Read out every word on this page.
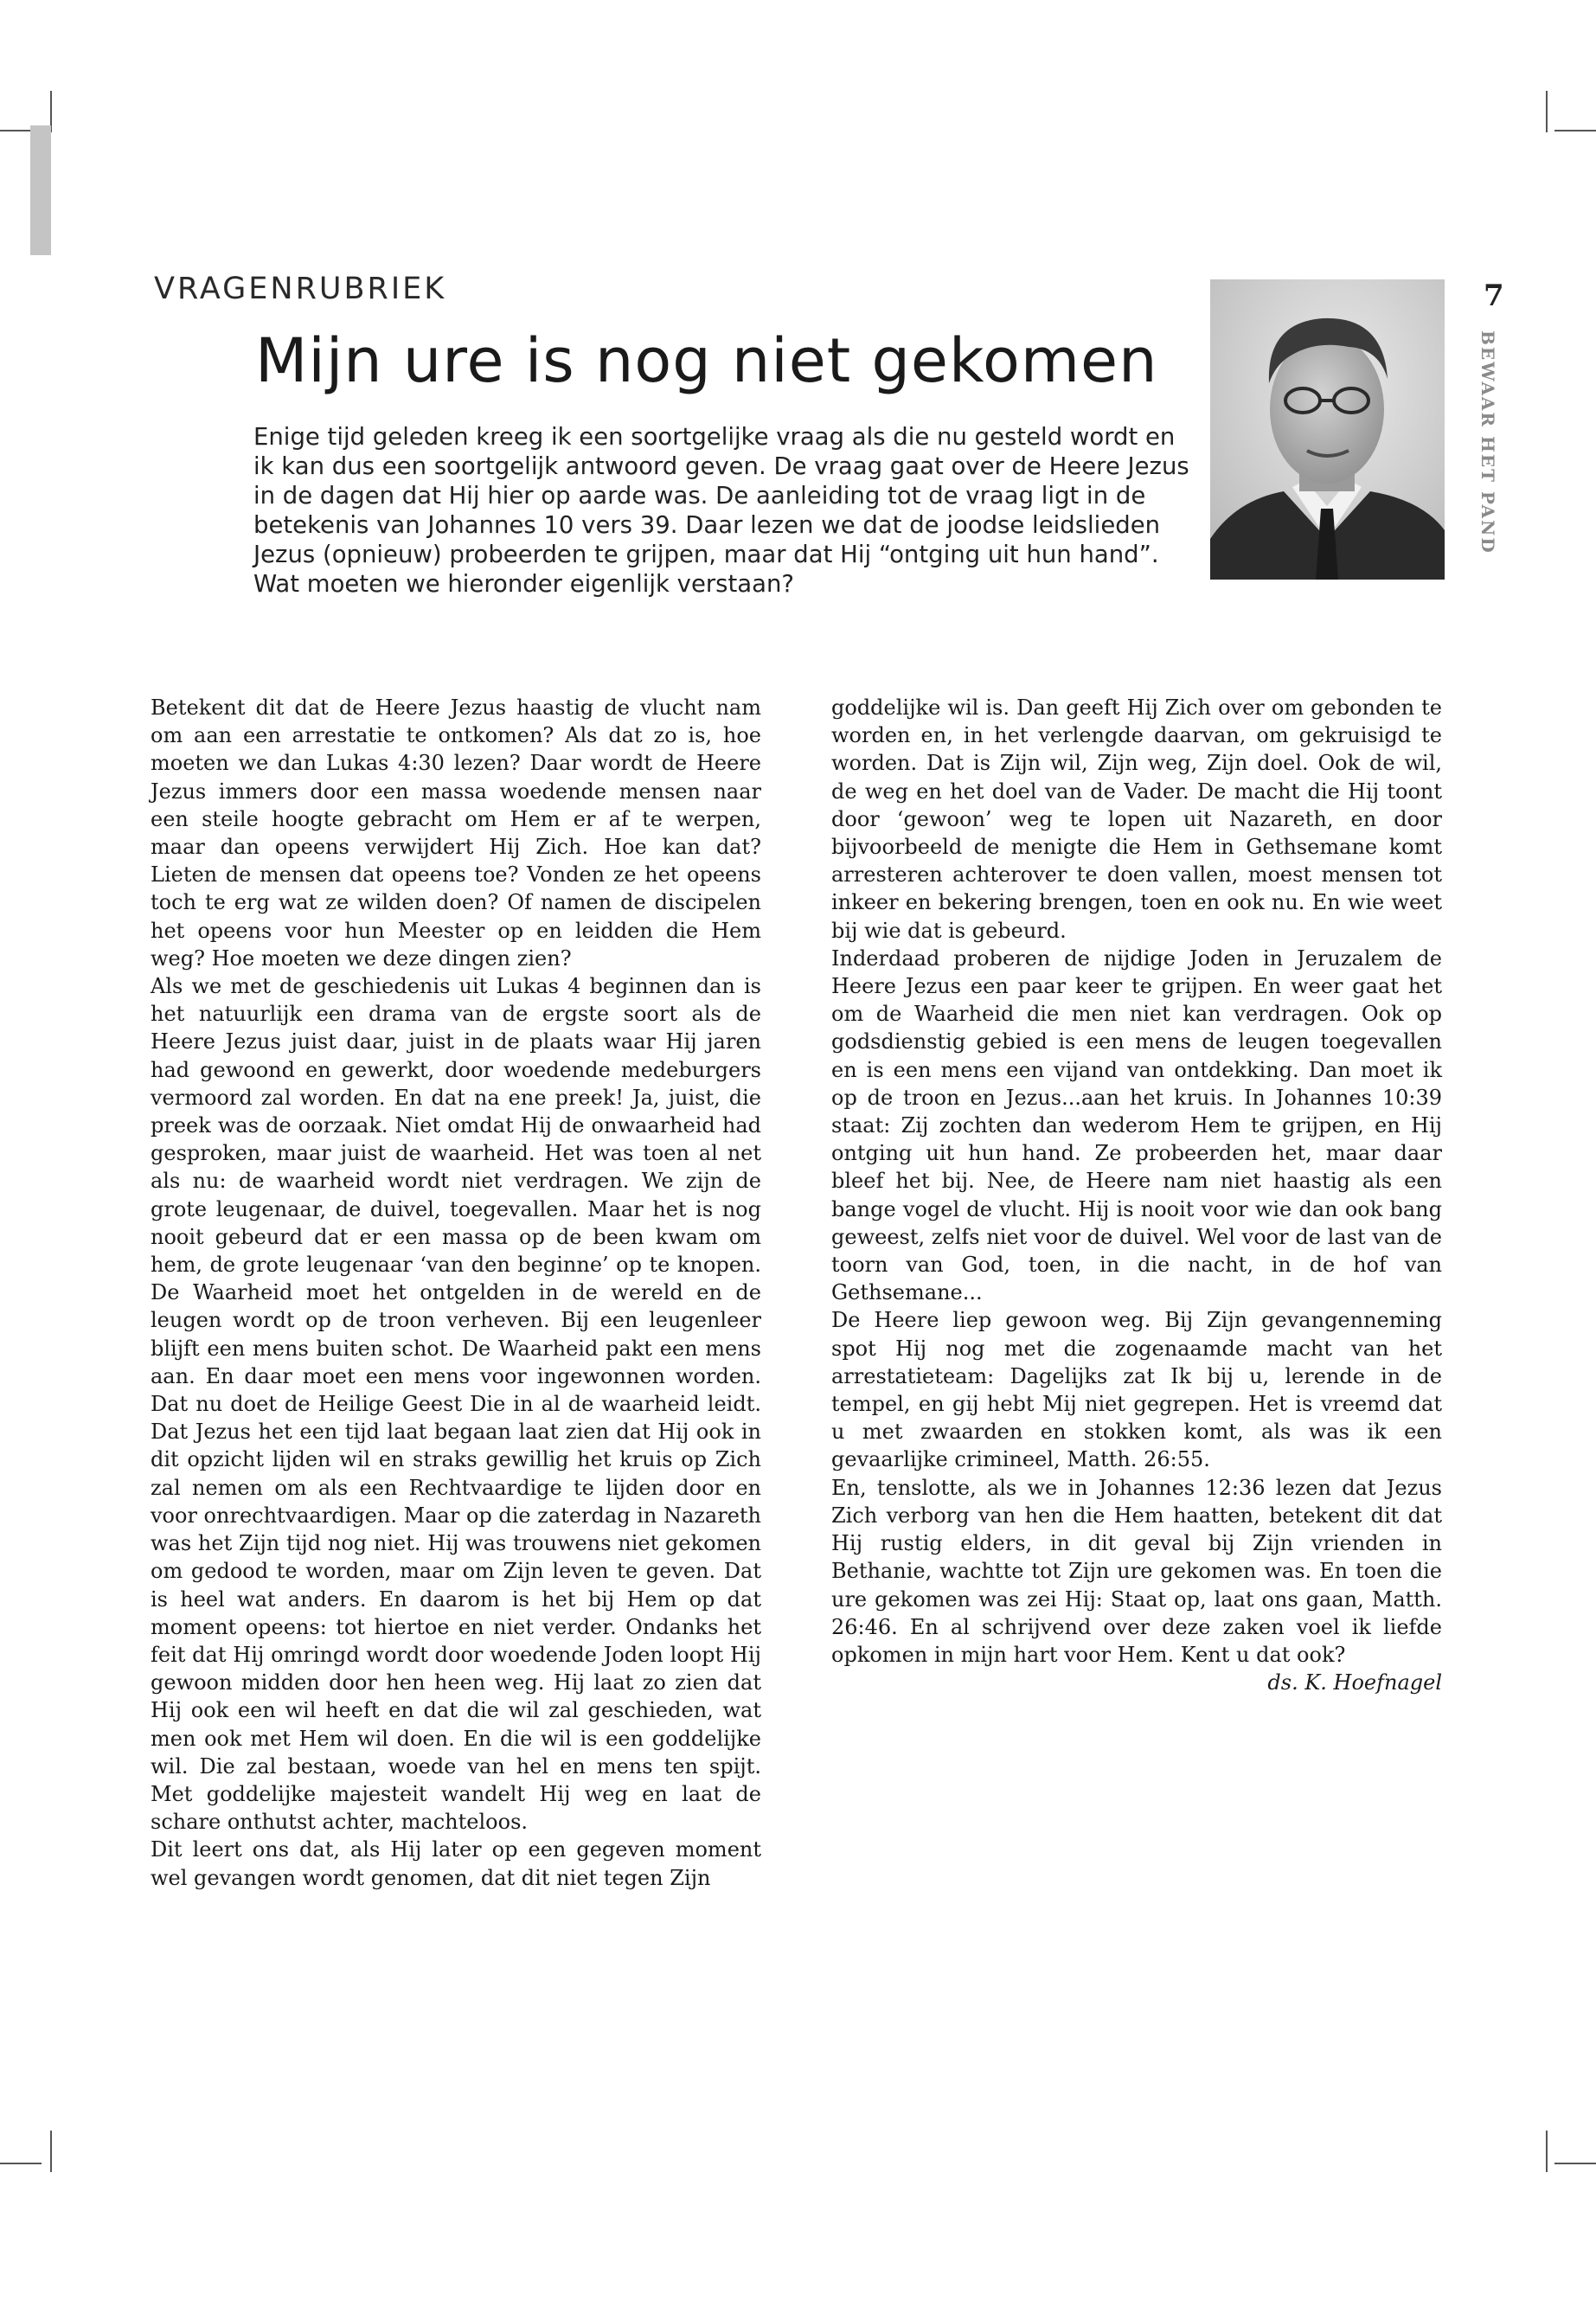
VRAGENRUBRIEK
Mijn ure is nog niet gekomen

Enige tijd geleden kreeg ik een soortgelijke vraag als die nu gesteld wordt en ik kan dus een soortgelijk antwoord geven. De vraag gaat over de Heere Jezus in de dagen dat Hij hier op aarde was. De aanleiding tot de vraag ligt in de betekenis van Johannes 10 vers 39. Daar lezen we dat de joodse leidslieden Jezus (opnieuw) probeerden te grijpen, maar dat Hij “ontging uit hun hand”. Wat moeten we hieronder eigenlijk verstaan?

7
BEWAAR HET PAND

Betekent dit dat de Heere Jezus haastig de vlucht nam om aan een arrestatie te ontkomen? Als dat zo is, hoe moeten we dan Lukas 4:30 lezen? Daar wordt de Heere Jezus immers door een massa woedende mensen naar een steile hoogte gebracht om Hem er af te werpen, maar dan opeens verwijdert Hij Zich. Hoe kan dat? Lieten de mensen dat opeens toe? Vonden ze het opeens toch te erg wat ze wilden doen? Of namen de discipelen het opeens voor hun Meester op en leidden die Hem weg? Hoe moeten we deze dingen zien?

Als we met de geschiedenis uit Lukas 4 beginnen dan is het natuurlijk een drama van de ergste soort als de Heere Jezus juist daar, juist in de plaats waar Hij jaren had gewoond en gewerkt, door woedende medeburgers vermoord zal worden. En dat na ene preek! Ja, juist, die preek was de oorzaak. Niet omdat Hij de onwaarheid had gesproken, maar juist de waarheid. Het was toen al net als nu: de waarheid wordt niet verdragen. We zijn de grote leugenaar, de duivel, toegevallen. Maar het is nog nooit gebeurd dat er een massa op de been kwam om hem, de grote leugenaar ‘van den beginne’ op te knopen. De Waarheid moet het ontgelden in de wereld en de leugen wordt op de troon verheven. Bij een leugenleer blijft een mens buiten schot. De Waarheid pakt een mens aan. En daar moet een mens voor ingewonnen worden. Dat nu doet de Heilige Geest Die in al de waarheid leidt. Dat Jezus het een tijd laat begaan laat zien dat Hij ook in dit opzicht lijden wil en straks gewillig het kruis op Zich zal nemen om als een Rechtvaardige te lijden door en voor onrechtvaardigen. Maar op die zaterdag in Nazareth was het Zijn tijd nog niet. Hij was trouwens niet gekomen om gedood te worden, maar om Zijn leven te geven. Dat is heel wat anders. En daarom is het bij Hem op dat moment opeens: tot hiertoe en niet verder. Ondanks het feit dat Hij omringd wordt door woedende Joden loopt Hij gewoon midden door hen heen weg. Hij laat zo zien dat Hij ook een wil heeft en dat die wil zal geschieden, wat men ook met Hem wil doen. En die wil is een goddelijke wil. Die zal bestaan, woede van hel en mens ten spijt. Met goddelijke majesteit wandelt Hij weg en laat de schare onthutst achter, machteloos.

Dit leert ons dat, als Hij later op een gegeven moment wel gevangen wordt genomen, dat dit niet tegen Zijn

goddelijke wil is. Dan geeft Hij Zich over om gebonden te worden en, in het verlengde daarvan, om gekruisigd te worden. Dat is Zijn wil, Zijn weg, Zijn doel. Ook de wil, de weg en het doel van de Vader. De macht die Hij toont door ‘gewoon’ weg te lopen uit Nazareth, en door bijvoorbeeld de menigte die Hem in Gethsemane komt arresteren achterover te doen vallen, moest mensen tot inkeer en bekering brengen, toen en ook nu. En wie weet bij wie dat is gebeurd.

Inderdaad proberen de nijdige Joden in Jeruzalem de Heere Jezus een paar keer te grijpen. En weer gaat het om de Waarheid die men niet kan verdragen. Ook op godsdienstig gebied is een mens de leugen toegevallen en is een mens een vijand van ontdekking. Dan moet ik op de troon en Jezus...aan het kruis. In Johannes 10:39 staat: Zij zochten dan wederom Hem te grijpen, en Hij ontging uit hun hand. Ze probeerden het, maar daar bleef het bij. Nee, de Heere nam niet haastig als een bange vogel de vlucht. Hij is nooit voor wie dan ook bang geweest, zelfs niet voor de duivel. Wel voor de last van de toorn van God, toen, in die nacht, in de hof van Gethsemane...

De Heere liep gewoon weg. Bij Zijn gevangenneming spot Hij nog met die zogenaamde macht van het arrestatieteam: Dagelijks zat Ik bij u, lerende in de tempel, en gij hebt Mij niet gegrepen. Het is vreemd dat u met zwaarden en stokken komt, als was ik een gevaarlijke crimineel, Matth. 26:55.

En, tenslotte, als we in Johannes 12:36 lezen dat Jezus Zich verborg van hen die Hem haatten, betekent dit dat Hij rustig elders, in dit geval bij Zijn vrienden in Bethanie, wachtte tot Zijn ure gekomen was. En toen die ure gekomen was zei Hij: Staat op, laat ons gaan, Matth. 26:46. En al schrijvend over deze zaken voel ik liefde opkomen in mijn hart voor Hem. Kent u dat ook?

ds. K. Hoefnagel
